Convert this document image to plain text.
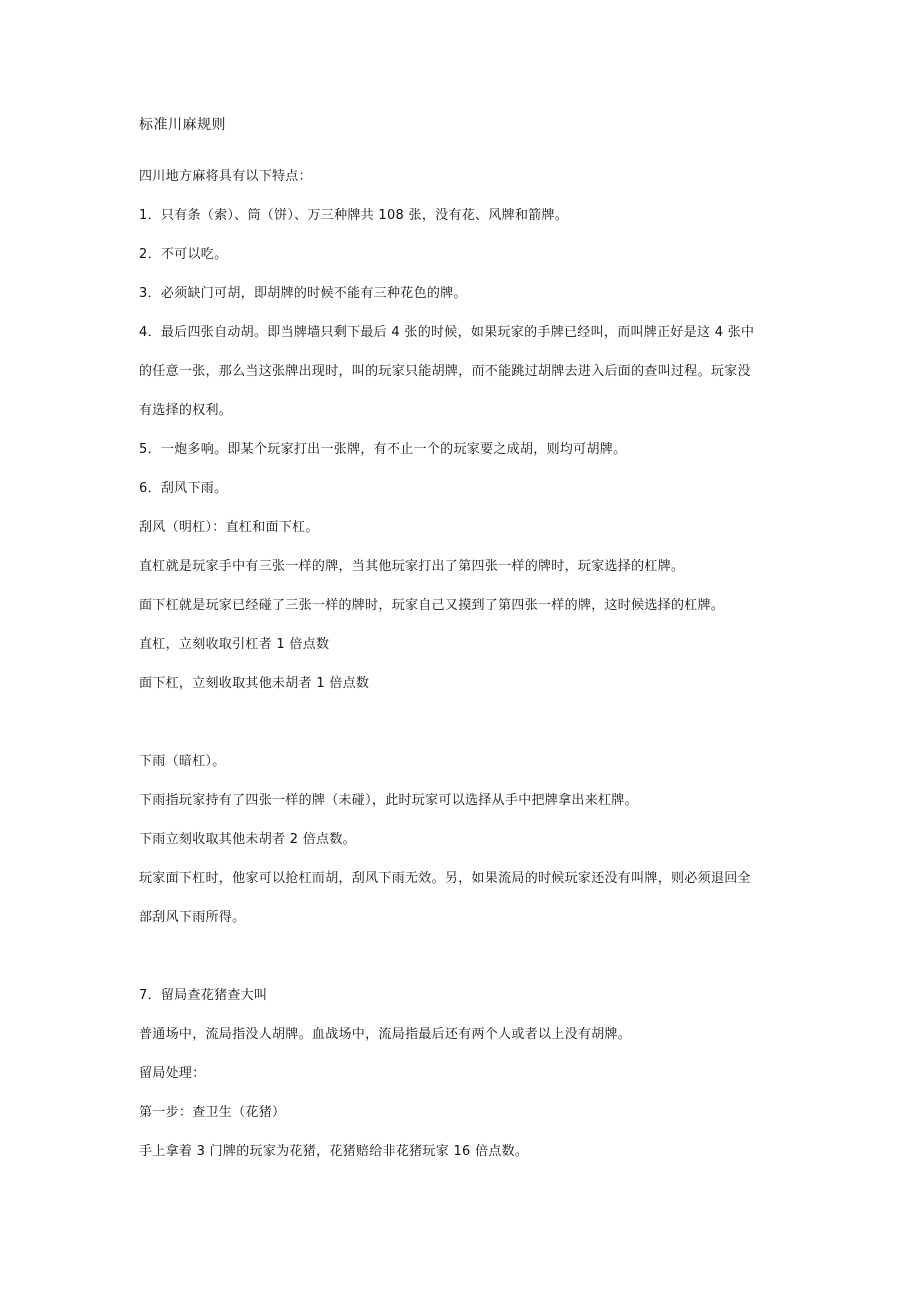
标准川麻规则

四川地方麻将具有以下特点：

1．只有条（索）、筒（饼）、万三种牌共 108 张，没有花、风牌和箭牌。

2．不可以吃。

3．必须缺门可胡，即胡牌的时候不能有三种花色的牌。

4．最后四张自动胡。即当牌墙只剩下最后 4 张的时候，如果玩家的手牌已经叫，而叫牌正好是这 4 张中

的任意一张，那么当这张牌出现时，叫的玩家只能胡牌，而不能跳过胡牌去进入后面的查叫过程。玩家没

有选择的权利。

5．一炮多响。即某个玩家打出一张牌，有不止一个的玩家要之成胡，则均可胡牌。

6．刮风下雨。

刮风（明杠）：直杠和面下杠。

直杠就是玩家手中有三张一样的牌，当其他玩家打出了第四张一样的牌时，玩家选择的杠牌。

面下杠就是玩家已经碰了三张一样的牌时，玩家自己又摸到了第四张一样的牌，这时候选择的杠牌。

直杠，立刻收取引杠者 1 倍点数

面下杠，立刻收取其他未胡者 1 倍点数

下雨（暗杠）。

下雨指玩家持有了四张一样的牌（未碰），此时玩家可以选择从手中把牌拿出来杠牌。

下雨立刻收取其他未胡者 2 倍点数。

玩家面下杠时，他家可以抢杠而胡，刮风下雨无效。另，如果流局的时候玩家还没有叫牌，则必须退回全

部刮风下雨所得。

7．留局查花猪查大叫

普通场中，流局指没人胡牌。血战场中，流局指最后还有两个人或者以上没有胡牌。

留局处理：

第一步：查卫生（花猪）

手上拿着 3 门牌的玩家为花猪，花猪赔给非花猪玩家 16 倍点数。
